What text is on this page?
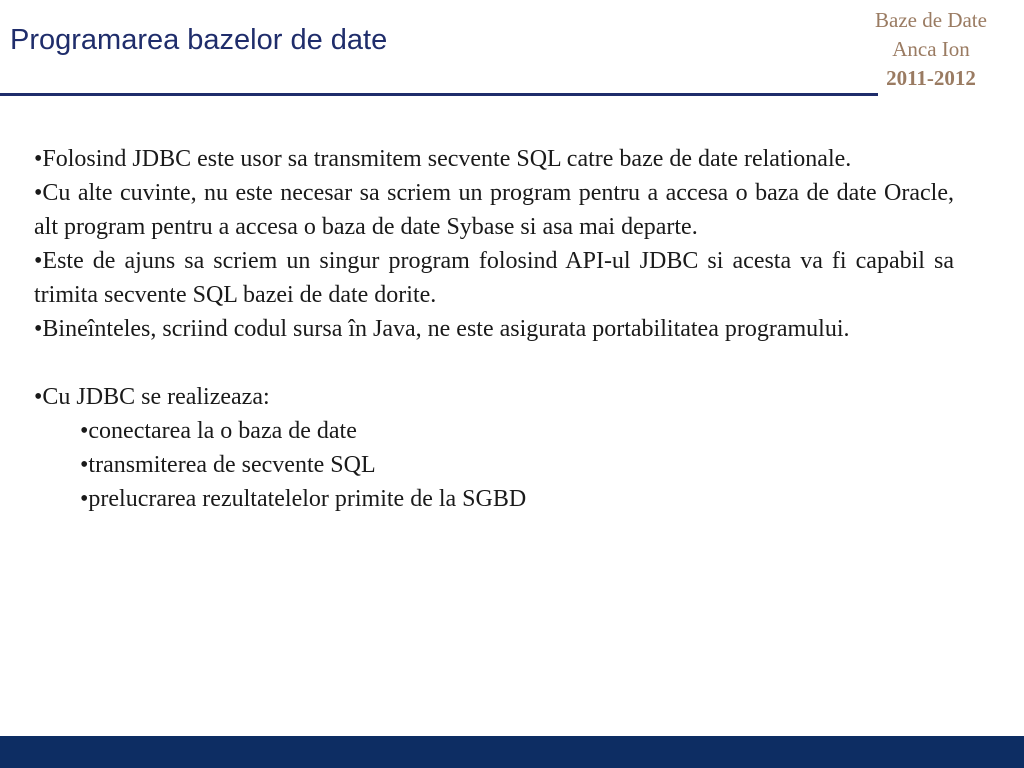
Programarea bazelor de date
Baze de Date
Anca Ion
2011-2012

•Folosind JDBC este usor sa transmitem secvente SQL catre baze de date relationale.

•Cu alte cuvinte, nu este necesar sa scriem un program pentru a accesa o baza de date Oracle, alt program pentru a accesa o baza de date Sybase si asa mai departe.

•Este de ajuns sa scriem un singur program folosind API-ul JDBC si acesta va fi capabil sa trimita secvente SQL bazei de date dorite.

•Bineînteles, scriind codul sursa în Java, ne este asigurata portabilitatea programului.

•Cu JDBC se realizeaza:

•conectarea la o baza de date

•transmiterea de secvente SQL

•prelucrarea rezultatelelor primite de la SGBD
